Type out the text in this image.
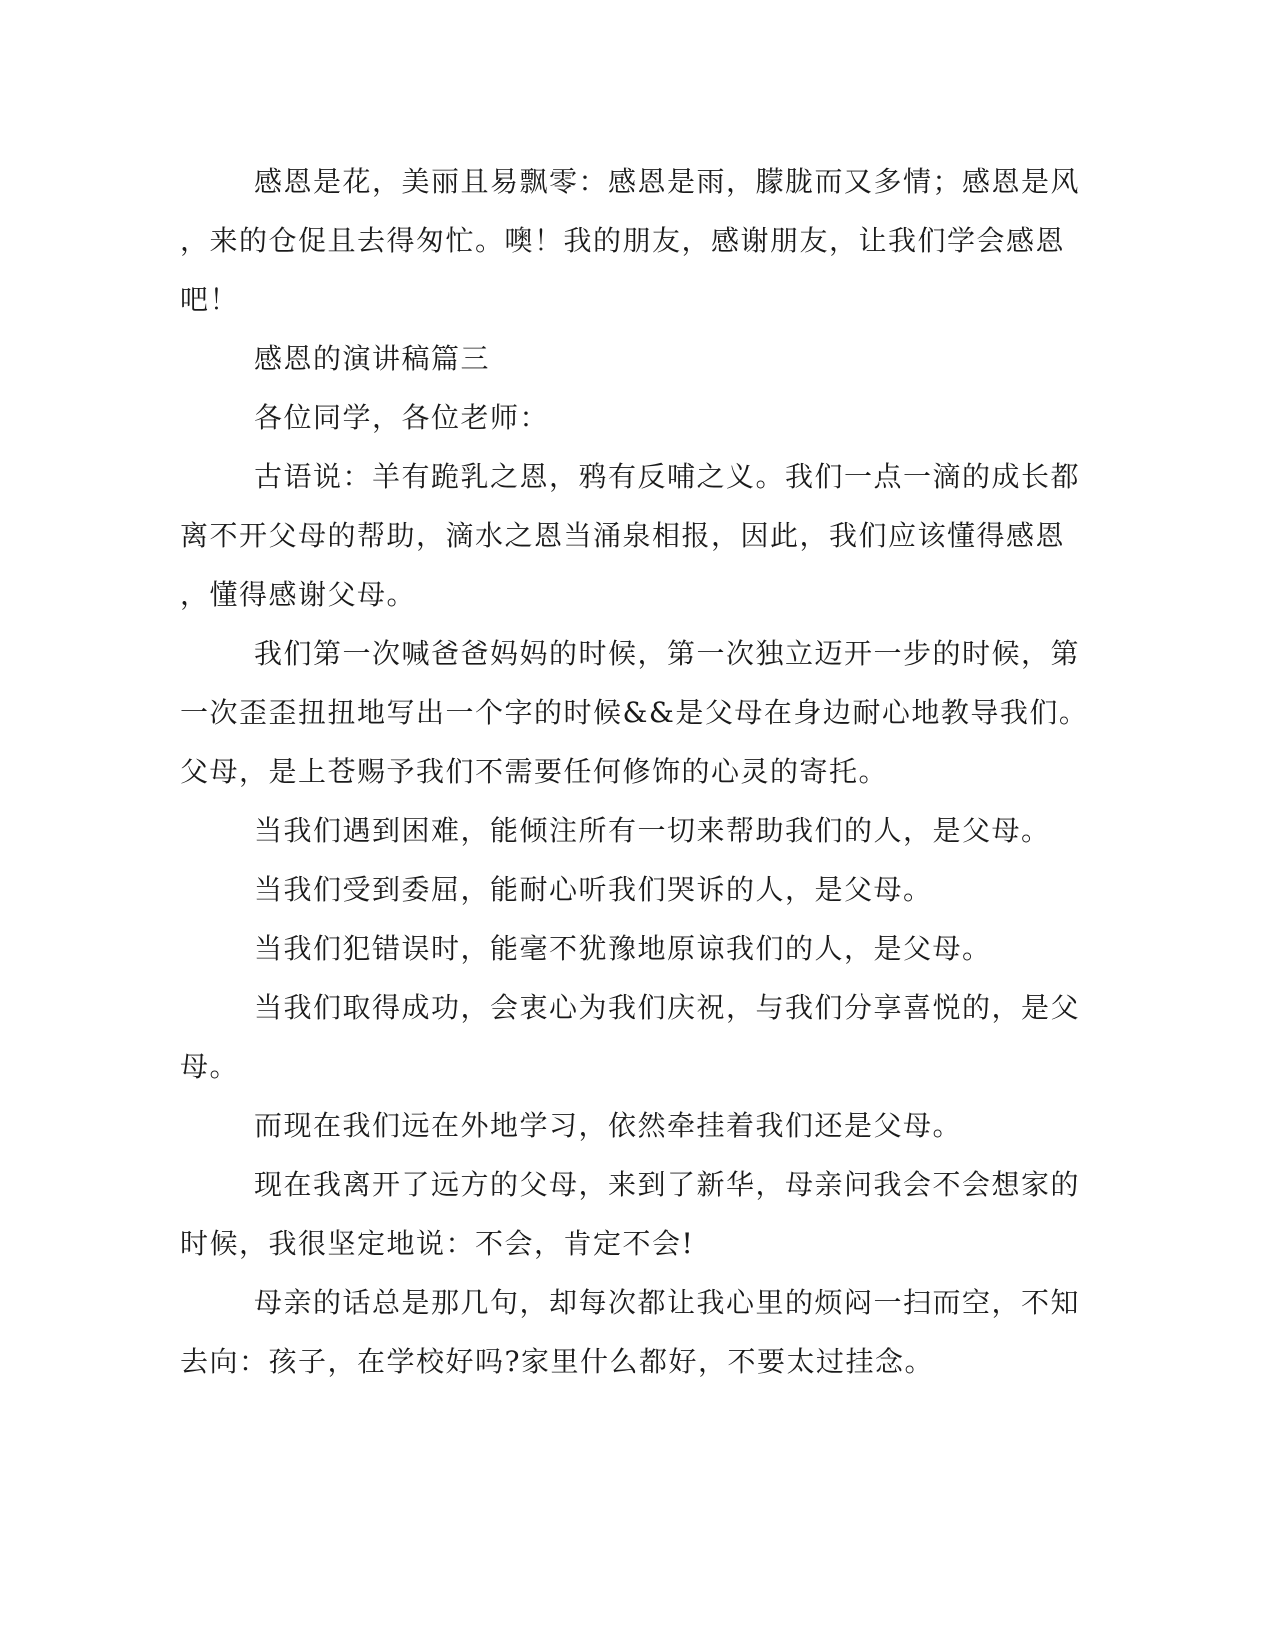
感恩是花，美丽且易飘零：感恩是雨，朦胧而又多情；感恩是风

，来的仓促且去得匆忙。噢！我的朋友，感谢朋友，让我们学会感恩

吧！

感恩的演讲稿篇三

各位同学，各位老师：

古语说：羊有跪乳之恩，鸦有反哺之义。我们一点一滴的成长都

离不开父母的帮助，滴水之恩当涌泉相报，因此，我们应该懂得感恩

，懂得感谢父母。

我们第一次喊爸爸妈妈的时候，第一次独立迈开一步的时候，第

一次歪歪扭扭地写出一个字的时候&&是父母在身边耐心地教导我们。

父母，是上苍赐予我们不需要任何修饰的心灵的寄托。

当我们遇到困难，能倾注所有一切来帮助我们的人，是父母。

当我们受到委屈，能耐心听我们哭诉的人，是父母。

当我们犯错误时，能毫不犹豫地原谅我们的人，是父母。

当我们取得成功，会衷心为我们庆祝，与我们分享喜悦的，是父

母。

而现在我们远在外地学习，依然牵挂着我们还是父母。

现在我离开了远方的父母，来到了新华，母亲问我会不会想家的

时候，我很坚定地说：不会，肯定不会!

母亲的话总是那几句，却每次都让我心里的烦闷一扫而空，不知

去向：孩子，在学校好吗?家里什么都好，不要太过挂念。
